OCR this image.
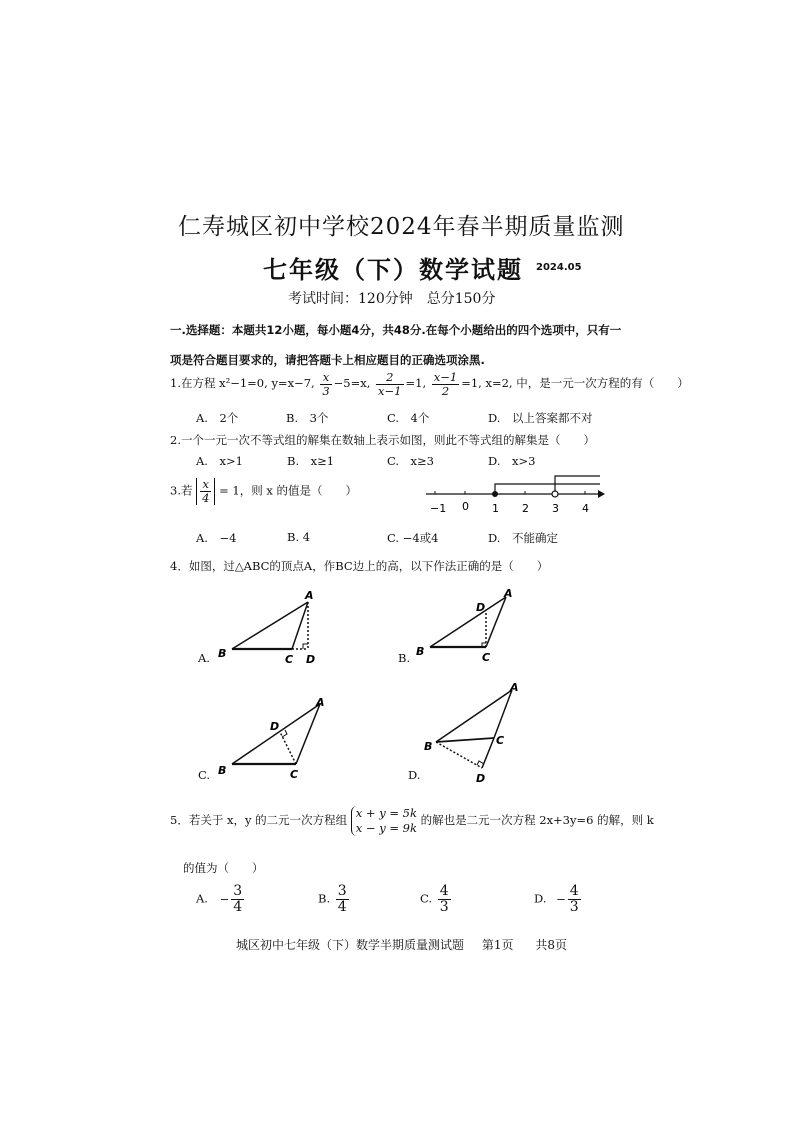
仁寿城区初中学校2024年春半期质量监测
七年级（下）数学试题 2024.05
考试时间：120分钟　总分150分
一.选择题：本题共12小题，每小题4分，共48分.在每个小题给出的四个选项中，只有一
项是符合题目要求的，请把答题卡上相应题目的正确选项涂黑.
1.在方程 x²−1=0, y=x−7, $\frac{x}{3} -5=x$, $\frac{2}{x-1} =1$, $\frac{x-1}{2} =1$, x=2, 中，是一元一次方程的有（　　）
A.　2个	B.　3个	C.　4个	D.　以上答案都不对
2.一个一元一次不等式组的解集在数轴上表示如图，则此不等式组的解集是（　　）
A.　x>1	B.　x≥1	C.　x≥3	D.　x>3
−1 0 1 2 3 4
3.若 $\frac{x}{4} = 1$，则 x 的值是（　　）
A.　−4	B. 4	C. −4或4	D.　不能确定
4．如图，过△ABC的顶点A，作BC边上的高，以下作法正确的是（　　）
A.
A
B	C D	B.
A
B	C
D
C.
A
B	C
D
D.
A
B	C
D
5．若关于 x，y 的二元一次方程组 x + y = 5k
x − y = 9k
的解也是二元一次方程 2x+3y=6 的解，则 k
的值为（　　）
A. − $\frac{3}{4}$	B. $\frac{3}{4}$	C. $\frac{4}{3}$	D. − $\frac{4}{3}$
城区初中七年级（下）数学半期质量测试题 第1页 共8页
